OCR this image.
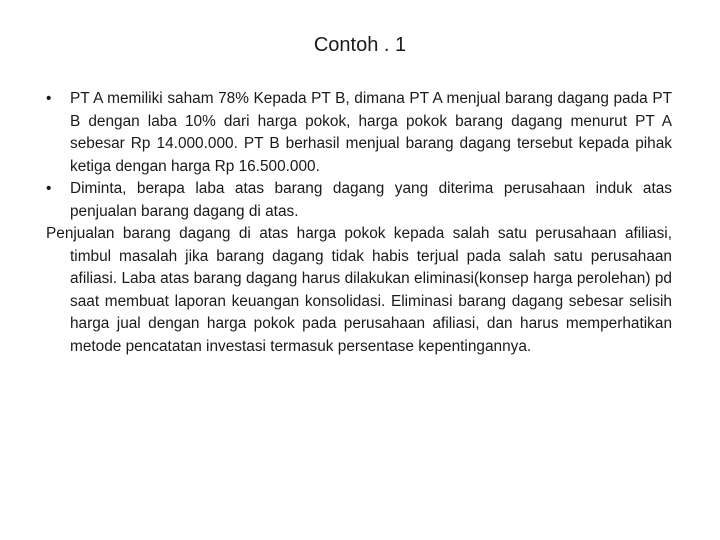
Contoh . 1

• PT A memiliki saham 78% Kepada PT B, dimana PT A menjual barang dagang pada PT B dengan laba 10% dari harga pokok, harga pokok barang dagang menurut PT A sebesar Rp 14.000.000. PT B berhasil menjual barang dagang tersebut kepada pihak ketiga dengan harga Rp 16.500.000.

• Diminta, berapa laba atas barang dagang yang diterima perusahaan induk atas penjualan barang dagang di atas.

Penjualan barang dagang di atas harga pokok kepada salah satu perusahaan afiliasi, timbul masalah jika barang dagang tidak habis terjual pada salah satu perusahaan afiliasi. Laba atas barang dagang harus dilakukan eliminasi(konsep harga perolehan) pd saat membuat laporan keuangan konsolidasi. Eliminasi barang dagang sebesar selisih harga jual dengan harga pokok pada perusahaan afiliasi, dan harus memperhatikan metode pencatatan investasi termasuk persentase kepentingannya.
